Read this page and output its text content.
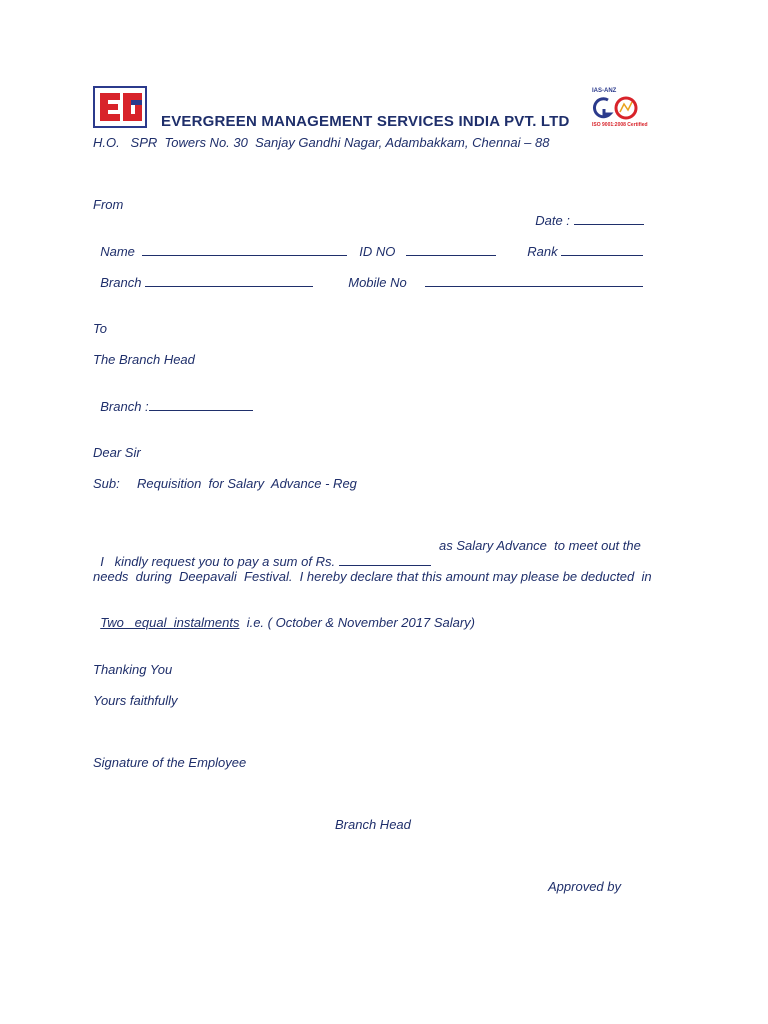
EVERGREEN MANAGEMENT SERVICES INDIA PVT. LTD
IAS-ANZ
ISO 9001:2008 Certified
H.O.   SPR  Towers No. 30  Sanjay Gandhi Nagar, Adambakkam, Chennai – 88
From

Date :

Name	ID NO	Rank

Branch	Mobile No

To
The Branch Head

Branch :

Dear Sir
Sub: Requisition  for Salary  Advance - Reg

I   kindly request you to pay a sum of Rs.

as Salary Advance  to meet out the
needs  during  Deepavali  Festival.  I hereby declare that this amount may please be deducted  in

Two   equal  instalments i.e. ( October & November 2017 Salary)

Thanking You
Yours faithfully
Signature of the Employee
Branch Head
Approved by
